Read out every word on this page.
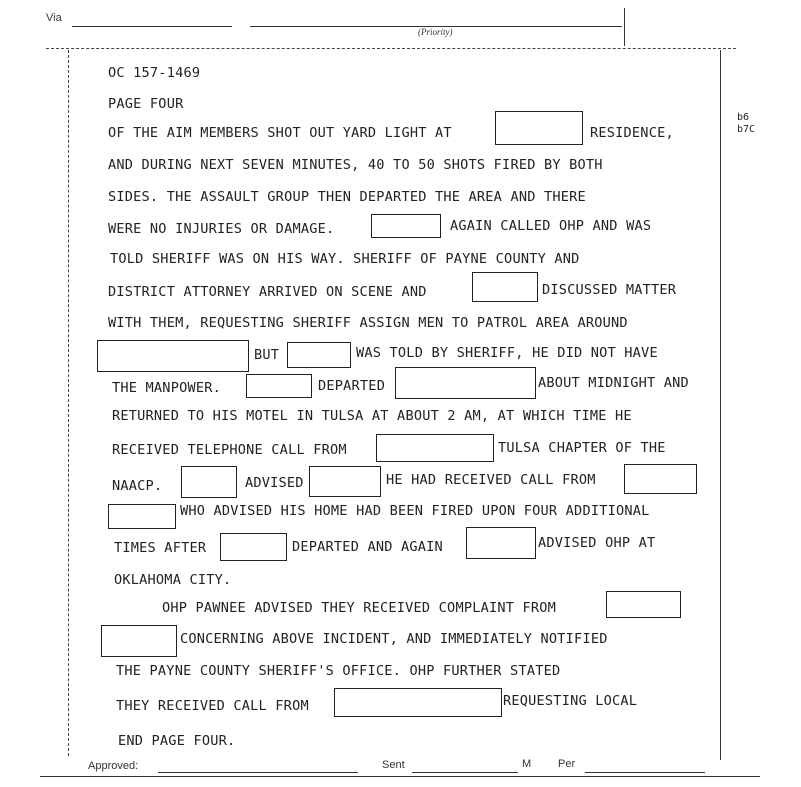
Via
(Priority)
b6
b7C
OC 157-1469
PAGE FOUR
OF THE AIM MEMBERS SHOT OUT YARD LIGHT AT	RESIDENCE,
AND DURING NEXT SEVEN MINUTES, 40 TO 50 SHOTS FIRED BY BOTH
SIDES. THE ASSAULT GROUP THEN DEPARTED THE AREA AND THERE
WERE NO INJURIES OR DAMAGE.	AGAIN CALLED OHP AND WAS
TOLD SHERIFF WAS ON HIS WAY. SHERIFF OF PAYNE COUNTY AND
DISTRICT ATTORNEY ARRIVED ON SCENE AND	DISCUSSED MATTER
WITH THEM, REQUESTING SHERIFF ASSIGN MEN TO PATROL AREA AROUND
BUT	WAS TOLD BY SHERIFF, HE DID NOT HAVE
THE MANPOWER.	DEPARTED	ABOUT MIDNIGHT AND
RETURNED TO HIS MOTEL IN TULSA AT ABOUT 2 AM, AT WHICH TIME HE
RECEIVED TELEPHONE CALL FROM	TULSA CHAPTER OF THE
NAACP.	ADVISED	HE HAD RECEIVED CALL FROM
WHO ADVISED HIS HOME HAD BEEN FIRED UPON FOUR ADDITIONAL
TIMES AFTER	DEPARTED AND AGAIN	ADVISED OHP AT
OKLAHOMA CITY.
OHP PAWNEE ADVISED THEY RECEIVED COMPLAINT FROM
CONCERNING ABOVE INCIDENT, AND IMMEDIATELY NOTIFIED
THE PAYNE COUNTY SHERIFF'S OFFICE. OHP FURTHER STATED
THEY RECEIVED CALL FROM	REQUESTING LOCAL
END PAGE FOUR.
Approved:	Sent	M Per
